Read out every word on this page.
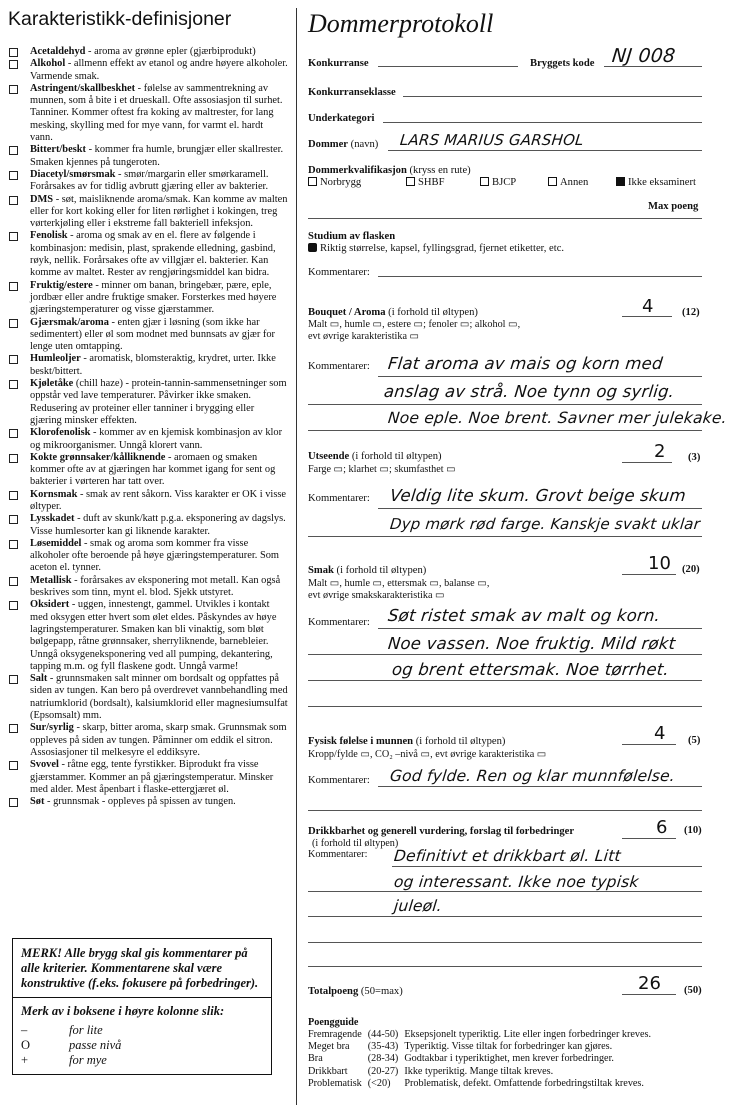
Karakteristikk-definisjoner
Acetaldehyd - aroma av grønne epler (gjærbiprodukt)
Alkohol - allmenn effekt av etanol og andre høyere alkoholer. Varmende smak.
Astringent/skallbeskhet - følelse av sammentrekning av munnen, som å bite i et drueskall. Ofte assosiasjon til surhet. Tanniner. Kommer oftest fra koking av maltrester, for lang mesking, skylling med for mye vann, for varmt el. hardt vann.
Bittert/beskt - kommer fra humle, brungjær eller skallrester. Smaken kjennes på tungeroten.
Diacetyl/smørsmak - smør/margarin eller smørkaramell. Forårsakes av for tidlig avbrutt gjæring eller av bakterier.
DMS - søt, maisliknende aroma/smak. Kan komme av malten eller for kort koking eller for liten rørlighet i kokingen, treg vørterkjøling eller i ekstreme fall bakteriell infeksjon.
Fenolisk - aroma og smak av en el. flere av følgende i kombinasjon: medisin, plast, sprakende elledning, gasbind, røyk, nellik. Forårsakes ofte av villgjær el. bakterier. Kan komme av maltet. Rester av rengjøringsmiddel kan bidra.
Fruktig/estere - minner om banan, bringebær, pære, eple, jordbær eller andre fruktige smaker. Forsterkes med høyere gjæringstemperaturer og visse gjærstammer.
Gjærsmak/aroma - enten gjær i løsning (som ikke har sedimentert) eller øl som modnet med bunnsats av gjær for lenge uten omtapping.
Humleoljer - aromatisk, blomsteraktig, krydret, urter. Ikke beskt/bittert.
Kjøletåke (chill haze) - protein-tannin-sammensetninger som oppstår ved lave temperaturer. Påvirker ikke smaken. Redusering av proteiner eller tanniner i brygging eller gjæring minsker effekten.
Klorofenolisk - kommer av en kjemisk kombinasjon av klor og mikroorganismer. Unngå klorert vann.
Kokte grønnsaker/kålliknende - aromaen og smaken kommer ofte av at gjæringen har kommet igang for sent og bakterier i vørteren har tatt over.
Kornsmak - smak av rent såkorn. Viss karakter er OK i visse øltyper.
Lysskadet - duft av skunk/katt p.g.a. eksponering av dagslys. Visse humlesorter kan gi liknende karakter.
Løsemiddel - smak og aroma som kommer fra visse alkoholer ofte beroende på høye gjæringstemperaturer. Som aceton el. tynner.
Metallisk - forårsakes av eksponering mot metall. Kan også beskrives som tinn, mynt el. blod. Sjekk utstyret.
Oksidert - uggen, innestengt, gammel. Utvikles i kontakt med oksygen etter hvert som ølet eldes. Påskyndes av høye lagringstemperaturer. Smaken kan bli vinaktig, som bløt bølgepapp, råtne grønnsaker, sherryliknende, barnebleier. Unngå oksygeneksponering ved all pumping, dekantering, tapping m.m. og fyll flaskene godt. Unngå varme!
Salt - grunnsmaken salt minner om bordsalt og oppfattes på siden av tungen. Kan bero på overdrevet vannbehandling med natriumklorid (bordsalt), kalsiumklorid eller magnesiumsulfat (Epsomsalt) mm.
Sur/syrlig - skarp, bitter aroma, skarp smak. Grunnsmak som oppleves på siden av tungen. Påminner om eddik el sitron. Assosiasjoner til melkesyre el eddiksyre.
Svovel - råtne egg, tente fyrstikker. Biprodukt fra visse gjærstammer. Kommer an på gjæringstemperatur. Minsker med alder. Mest åpenbart i flaske-ettergjæret øl.
Søt - grunnsmak - oppleves på spissen av tungen.
MERK! Alle brygg skal gis kommentarer på alle kriterier. Kommentarene skal være konstruktive (f.eks. fokusere på forbedringer).
Merk av i boksene i høyre kolonne slik:
–	for lite
O	passe nivå
+	for mye
Dommerprotokoll
Konkurranse	Bryggets kode NJ 008
Konkurranseklasse
Underkategori
Dommer (navn) LARS MARIUS GARSHOL
Dommerkvalifikasjon (kryss en rute)
Norbrygg	SHBF	BJCP	Annen	Ikke eksaminert
Max poeng
Studium av flasken
Riktig størrelse, kapsel, fyllingsgrad, fjernet etiketter, etc.
Kommentarer:
Bouquet / Aroma (i forhold til øltypen)	4	(12)
Malt ▭, humle ▭, estere ▭; fenoler ▭; alkohol ▭,
evt øvrige karakteristika ▭
Kommentarer: Flat aroma av mais og korn med
anslag av strå. Noe tynn og syrlig.
Noe eple. Noe brent. Savner mer julekake.
Utseende (i forhold til øltypen)	2 (3)
Farge ▭; klarhet ▭; skumfasthet ▭
Kommentarer: Veldig lite skum. Grovt beige skum
Dyp mørk rød farge. Kanskje svakt uklar
Smak (i forhold til øltypen)	10 (20)
Malt ▭, humle ▭, ettersmak ▭, balanse ▭,
evt øvrige smakskarakteristika ▭
Kommentarer: Søt ristet smak av malt og korn.
Noe vassen. Noe fruktig. Mild røkt
og brent ettersmak. Noe tørrhet.
Fysisk følelse i munnen (i forhold til øltypen)	4 (5)
Kropp/fylde ▭, CO₂ –nivå ▭, evt øvrige karakteristika ▭
Kommentarer: God fylde. Ren og klar munnfølelse.
Drikkbarhet og generell vurdering, forslag til forbedringer	6 (10)
(i forhold til øltypen)
Kommentarer: Definitivt et drikkbart øl. Litt
og interessant. Ikke noe typisk
juleøl.
Totalpoeng (50=max)	26 (50)
Poengguide
Fremragende	(44-50)	Eksepsjonelt typeriktig. Lite eller ingen forbedringer kreves.
Meget bra	(35-43)	Typeriktig. Visse tiltak for forbedringer kan gjøres.
Bra	(28-34)	Godtakbar i typeriktighet, men krever forbedringer.
Drikkbart	(20-27)	Ikke typeriktig. Mange tiltak kreves.
Problematisk	(<20)	Problematisk, defekt. Omfattende forbedringstiltak kreves.
